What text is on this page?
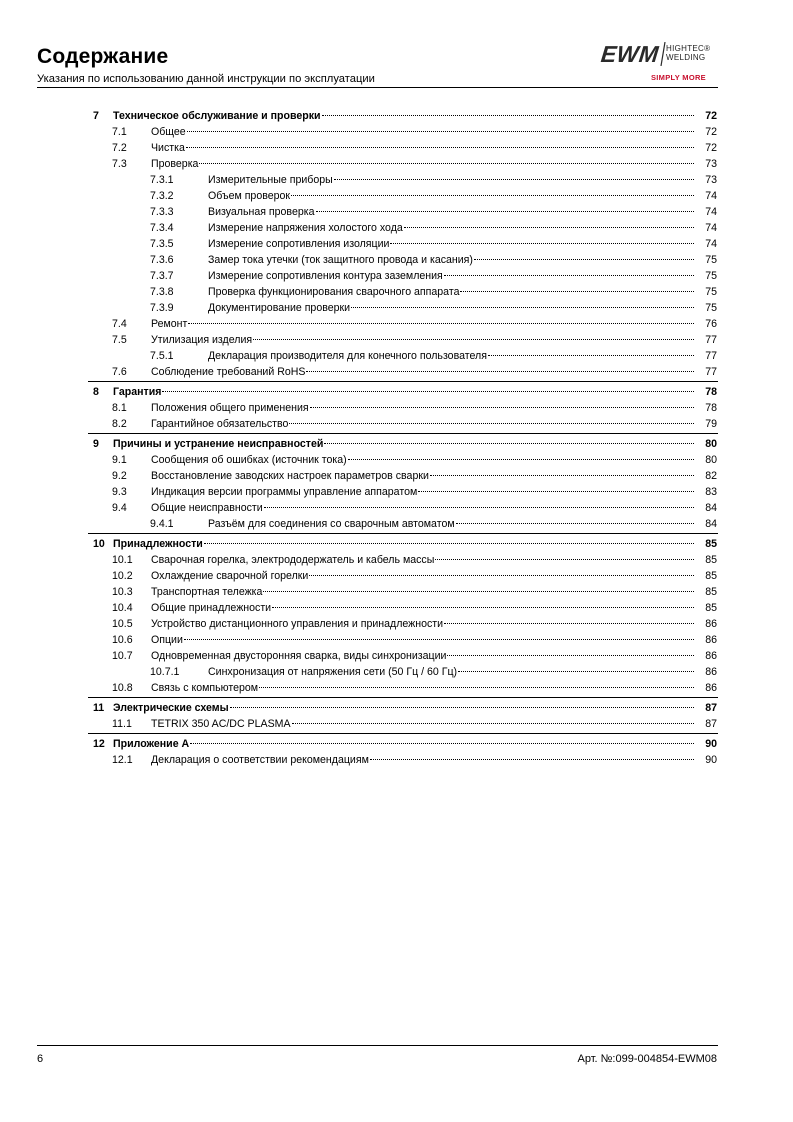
Содержание
Указания по использованию данной инструкции по эксплуатации
EWM HIGHTEC®
WELDING
SIMPLY MORE
7 Техническое обслуживание и проверки	72
7.1 Общее	72
7.2 Чистка	72
7.3 Проверка	73
7.3.1	Измерительные приборы	73
7.3.2	Объем проверок	74
7.3.3	Визуальная проверка	74
7.3.4	Измерение напряжения холостого хода	74
7.3.5	Измерение сопротивления изоляции	74
7.3.6	Замер тока утечки (ток защитного провода и касания)	75
7.3.7	Измерение сопротивления контура заземления	75
7.3.8	Проверка функционирования сварочного аппарата	75
7.3.9	Документирование проверки	75
7.4 Ремонт	76
7.5 Утилизация изделия	77
7.5.1	Декларация производителя для конечного пользователя	77
7.6 Соблюдение требований RoHS	77
8 Гарантия	78
8.1 Положения общего применения	78
8.2 Гарантийное обязательство	79
9 Причины и устранение неисправностей	80
9.1 Сообщения об ошибках (источник тока)	80
9.2 Восстановление заводских настроек параметров сварки	82
9.3 Индикация версии программы управление аппаратом	83
9.4 Общие неисправности	84
9.4.1	Разъём для соединения со сварочным автоматом	84
10 Принадлежности	85
10.1 Сварочная горелка, электрододержатель и кабель массы	85
10.2 Охлаждение сварочной горелки	85
10.3 Транспортная тележка	85
10.4 Общие принадлежности	85
10.5 Устройство дистанционного управления и принадлежности	86
10.6 Опции	86
10.7 Одновременная двусторонняя сварка, виды синхронизации	86
10.7.1	Синхронизация от напряжения сети (50 Гц / 60 Гц)	86
10.8 Связь с компьютером	86
11 Электрические схемы	87
11.1 TETRIX 350 AC/DC PLASMA	87
12 Приложение A	90
12.1 Декларация о соответствии рекомендациям	90
6	Арт. №:099-004854-EWM08
